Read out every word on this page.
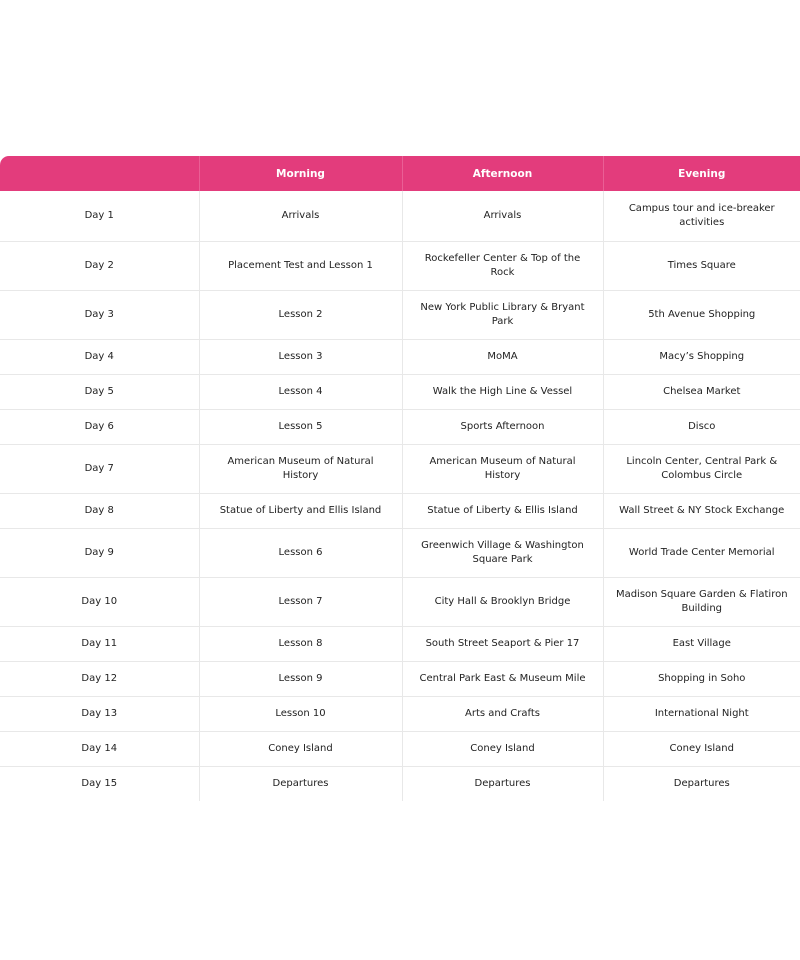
	Morning	Afternoon	Evening
Day 1	Arrivals	Arrivals	Campus tour and ice-breaker activities
Day 2	Placement Test and Lesson 1	Rockefeller Center & Top of the Rock	Times Square
Day 3	Lesson 2	New York Public Library & Bryant Park	5th Avenue Shopping
Day 4	Lesson 3	MoMA	Macy’s Shopping
Day 5	Lesson 4	Walk the High Line & Vessel	Chelsea Market
Day 6	Lesson 5	Sports Afternoon	Disco
Day 7	American Museum of Natural History	American Museum of Natural History	Lincoln Center, Central Park & Colombus Circle
Day 8	Statue of Liberty and Ellis Island	Statue of Liberty & Ellis Island	Wall Street & NY Stock Exchange
Day 9	Lesson 6	Greenwich Village & Washington Square Park	World Trade Center Memorial
Day 10	Lesson 7	City Hall & Brooklyn Bridge	Madison Square Garden & Flatiron Building
Day 11	Lesson 8	South Street Seaport & Pier 17	East Village
Day 12	Lesson 9	Central Park East & Museum Mile	Shopping in Soho
Day 13	Lesson 10	Arts and Crafts	International Night
Day 14	Coney Island	Coney Island	Coney Island
Day 15	Departures	Departures	Departures
